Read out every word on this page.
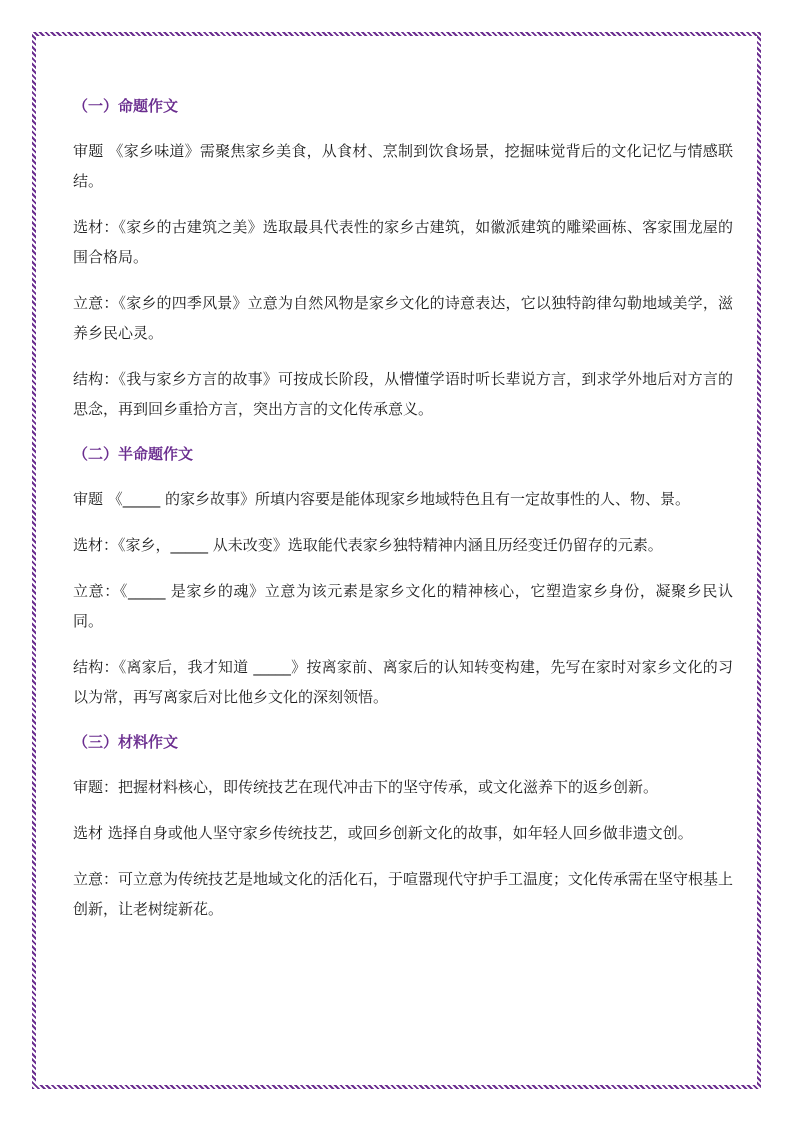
（一）命题作文

审题 《家乡味道》需聚焦家乡美食，从食材、烹制到饮食场景，挖掘味觉背后的文化记忆与情感联结。

选材：《家乡的古建筑之美》选取最具代表性的家乡古建筑，如徽派建筑的雕梁画栋、客家围龙屋的围合格局。

立意：《家乡的四季风景》立意为自然风物是家乡文化的诗意表达，它以独特韵律勾勒地域美学，滋养乡民心灵。

结构：《我与家乡方言的故事》可按成长阶段，从懵懂学语时听长辈说方言，到求学外地后对方言的思念，再到回乡重拾方言，突出方言的文化传承意义。

（二）半命题作文

审题 《_____ 的家乡故事》所填内容要是能体现家乡地域特色且有一定故事性的人、物、景。

选材：《家乡，_____ 从未改变》选取能代表家乡独特精神内涵且历经变迁仍留存的元素。

立意：《_____ 是家乡的魂》立意为该元素是家乡文化的精神核心，它塑造家乡身份，凝聚乡民认同。

结构：《离家后，我才知道 _____》按离家前、离家后的认知转变构建，先写在家时对家乡文化的习以为常，再写离家后对比他乡文化的深刻领悟。

（三）材料作文

审题：把握材料核心，即传统技艺在现代冲击下的坚守传承，或文化滋养下的返乡创新。

选材 选择自身或他人坚守家乡传统技艺，或回乡创新文化的故事，如年轻人回乡做非遗文创。

立意：可立意为传统技艺是地域文化的活化石，于喧嚣现代守护手工温度；文化传承需在坚守根基上创新，让老树绽新花。
